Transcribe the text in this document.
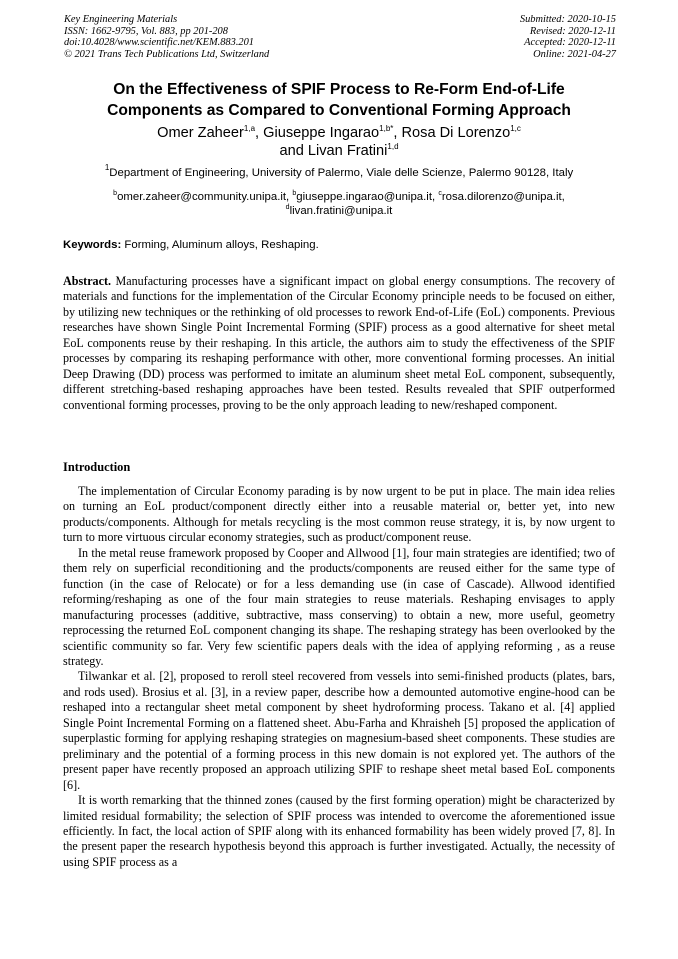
Key Engineering Materials
ISSN: 1662-9795, Vol. 883, pp 201-208
doi:10.4028/www.scientific.net/KEM.883.201
© 2021 Trans Tech Publications Ltd, Switzerland
Submitted: 2020-10-15
Revised: 2020-12-11
Accepted: 2020-12-11
Online: 2021-04-27
On the Effectiveness of SPIF Process to Re-Form End-of-Life
Components as Compared to Conventional Forming Approach
Omer Zaheer$^{1,a}$, Giuseppe Ingarao$^{1,b*}$, Rosa Di Lorenzo$^{1,c}$
and Livan Fratini$^{1,d}$
$^1$Department of Engineering, University of Palermo, Viale delle Scienze, Palermo 90128, Italy
$^b$omer.zaheer@community.unipa.it, $^b$giuseppe.ingarao@unipa.it, $^c$rosa.dilorenzo@unipa.it,
$^d$livan.fratini@unipa.it
Keywords: Forming, Aluminum alloys, Reshaping.
Abstract. Manufacturing processes have a significant impact on global energy consumptions. The recovery of materials and functions for the implementation of the Circular Economy principle needs to be focused on either, by utilizing new techniques or the rethinking of old processes to rework End-of-Life (EoL) components. Previous researches have shown Single Point Incremental Forming (SPIF) process as a good alternative for sheet metal EoL components reuse by their reshaping. In this article, the authors aim to study the effectiveness of the SPIF processes by comparing its reshaping performance with other, more conventional forming processes. An initial Deep Drawing (DD) process was performed to imitate an aluminum sheet metal EoL component, subsequently, different stretching-based reshaping approaches have been tested. Results revealed that SPIF outperformed conventional forming processes, proving to be the only approach leading to new/reshaped component.
Introduction

The implementation of Circular Economy parading is by now urgent to be put in place. The main idea relies on turning an EoL product/component directly either into a reusable material or, better yet, into new products/components. Although for metals recycling is the most common reuse strategy, it is, by now urgent to turn to more virtuous circular economy strategies, such as product/component reuse.

In the metal reuse framework proposed by Cooper and Allwood [1], four main strategies are identified; two of them rely on superficial reconditioning and the products/components are reused either for the same type of function (in the case of Relocate) or for a less demanding use (in case of Cascade). Allwood identified reforming/reshaping as one of the four main strategies to reuse materials. Reshaping envisages to apply manufacturing processes (additive, subtractive, mass conserving) to obtain a new, more useful, geometry reprocessing the returned EoL component changing its shape. The reshaping strategy has been overlooked by the scientific community so far. Very few scientific papers deals with the idea of applying reforming , as a reuse strategy.

Tilwankar et al. [2], proposed to reroll steel recovered from vessels into semi-finished products (plates, bars, and rods used). Brosius et al. [3], in a review paper, describe how a demounted automotive engine-hood can be reshaped into a rectangular sheet metal component by sheet hydroforming process. Takano et al. [4] applied Single Point Incremental Forming on a flattened sheet. Abu-Farha and Khraisheh [5] proposed the application of superplastic forming for applying reshaping strategies on magnesium-based sheet components. These studies are preliminary and the potential of a forming process in this new domain is not explored yet. The authors of the present paper have recently proposed an approach utilizing SPIF to reshape sheet metal based EoL components [6].

It is worth remarking that the thinned zones (caused by the first forming operation) might be characterized by limited residual formability; the selection of SPIF process was intended to overcome the aforementioned issue efficiently. In fact, the local action of SPIF along with its enhanced formability has been widely proved [7, 8]. In the present paper the research hypothesis beyond this approach is further investigated. Actually, the necessity of using SPIF process as a
